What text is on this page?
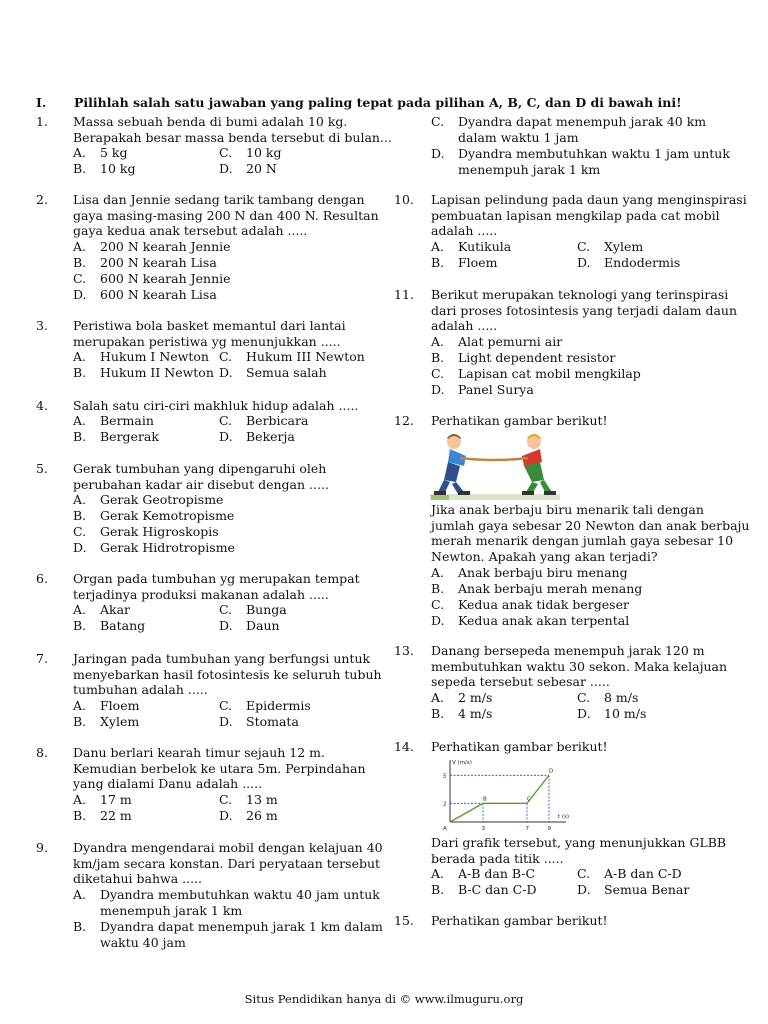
I. Pilihlah salah satu jawaban yang paling tepat pada pilihan A, B, C, dan D di bawah ini!
1. Massa sebuah benda di bumi adalah 10 kg.
Berapakah besar massa benda tersebut di bulan...
A. 5 kg	C. 10 kg
B. 10 kg	D. 20 N
2. Lisa dan Jennie sedang tarik tambang dengan
gaya masing-masing 200 N dan 400 N. Resultan
gaya kedua anak tersebut adalah .....
A. 200 N kearah Jennie
B. 200 N kearah Lisa
C. 600 N kearah Jennie
D. 600 N kearah Lisa
3. Peristiwa bola basket memantul dari lantai
merupakan peristiwa yg menunjukkan .....
A. Hukum I Newton C. Hukum III Newton
B. Hukum II Newton D. Semua salah
4. Salah satu ciri-ciri makhluk hidup adalah .....
A. Bermain	C. Berbicara
B. Bergerak	D. Bekerja
5. Gerak tumbuhan yang dipengaruhi oleh
perubahan kadar air disebut dengan .....
A. Gerak Geotropisme
B. Gerak Kemotropisme
C. Gerak Higroskopis
D. Gerak Hidrotropisme
6. Organ pada tumbuhan yg merupakan tempat
terjadinya produksi makanan adalah .....
A. Akar	C. Bunga
B. Batang	D. Daun
7. Jaringan pada tumbuhan yang berfungsi untuk
menyebarkan hasil fotosintesis ke seluruh tubuh
tumbuhan adalah .....
A. Floem	C. Epidermis
B. Xylem	D. Stomata
8. Danu berlari kearah timur sejauh 12 m.
Kemudian berbelok ke utara 5m. Perpindahan
yang dialami Danu adalah .....
A. 17 m	C. 13 m
B. 22 m	D. 26 m
9. Dyandra mengendarai mobil dengan kelajuan 40
km/jam secara konstan. Dari peryataan tersebut
diketahui bahwa .....
A. Dyandra membutuhkan waktu 40 jam untuk
menempuh jarak 1 km
B. Dyandra dapat menempuh jarak 1 km dalam
waktu 40 jam
C. Dyandra dapat menempuh jarak 40 km
dalam waktu 1 jam
D. Dyandra membutuhkan waktu 1 jam untuk
menempuh jarak 1 km
10. Lapisan pelindung pada daun yang menginspirasi
pembuatan lapisan mengkilap pada cat mobil
adalah .....
A. Kutikula	C. Xylem
B. Floem	D. Endodermis
11. Berikut merupakan teknologi yang terinspirasi
dari proses fotosintesis yang terjadi dalam daun
adalah .....
A. Alat pemurni air
B. Light dependent resistor
C. Lapisan cat mobil mengkilap
D. Panel Surya
12. Perhatikan gambar berikut!
Jika anak berbaju biru menarik tali dengan
jumlah gaya sebesar 20 Newton dan anak berbaju
merah menarik dengan jumlah gaya sebesar 10
Newton. Apakah yang akan terjadi?
A. Anak berbaju biru menang
B. Anak berbaju merah menang
C. Kedua anak tidak bergeser
D. Kedua anak akan terpental
13. Danang bersepeda menempuh jarak 120 m
membutuhkan waktu 30 sekon. Maka kelajuan
sepeda tersebut sebesar .....
A. 2 m/s	C. 8 m/s
B. 4 m/s	D. 10 m/s
14. Perhatikan gambar berikut!
V (m/s)
t (s)
A
B	C
D
3	7	9
2
5
Dari grafik tersebut, yang menunjukkan GLBB
berada pada titik .....
A. A-B dan B-C	C. A-B dan C-D
B. B-C dan C-D	D. Semua Benar
15. Perhatikan gambar berikut!
Situs Pendidikan hanya di © www.ilmuguru.org
